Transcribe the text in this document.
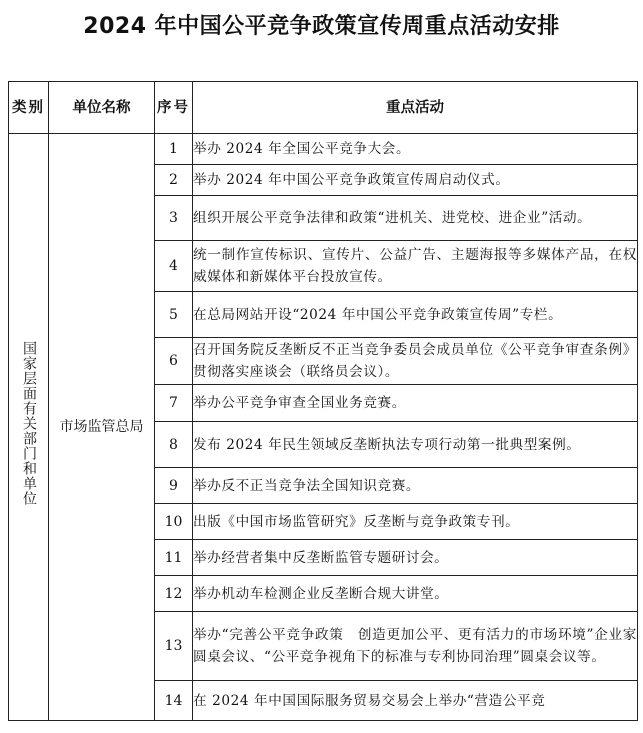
2024 年中国公平竞争政策宣传周重点活动安排
类别	单位名称	序号	重点活动
国家层面有关部门和单位	市场监管总局	1	举办 2024 年全国公平竞争大会。
		2	举办 2024 年中国公平竞争政策宣传周启动仪式。
		3	组织开展公平竞争法律和政策“进机关、进党校、进企业”活动。
		4	统一制作宣传标识、宣传片、公益广告、主题海报等多媒体产品，在权威媒体和新媒体平台投放宣传。
		5	在总局网站开设“2024 年中国公平竞争政策宣传周”专栏。
		6	召开国务院反垄断反不正当竞争委员会成员单位《公平竞争审查条例》贯彻落实座谈会（联络员会议）。
		7	举办公平竞争审查全国业务竞赛。
		8	发布 2024 年民生领域反垄断执法专项行动第一批典型案例。
		9	举办反不正当竞争法全国知识竞赛。
		10	出版《中国市场监管研究》反垄断与竞争政策专刊。
		11	举办经营者集中反垄断监管专题研讨会。
		12	举办机动车检测企业反垄断合规大讲堂。
		13	举办“完善公平竞争政策　创造更加公平、更有活力的市场环境”企业家圆桌会议、“公平竞争视角下的标准与专利协同治理”圆桌会议等。
		14	在 2024 年中国国际服务贸易交易会上举办“营造公平竞
